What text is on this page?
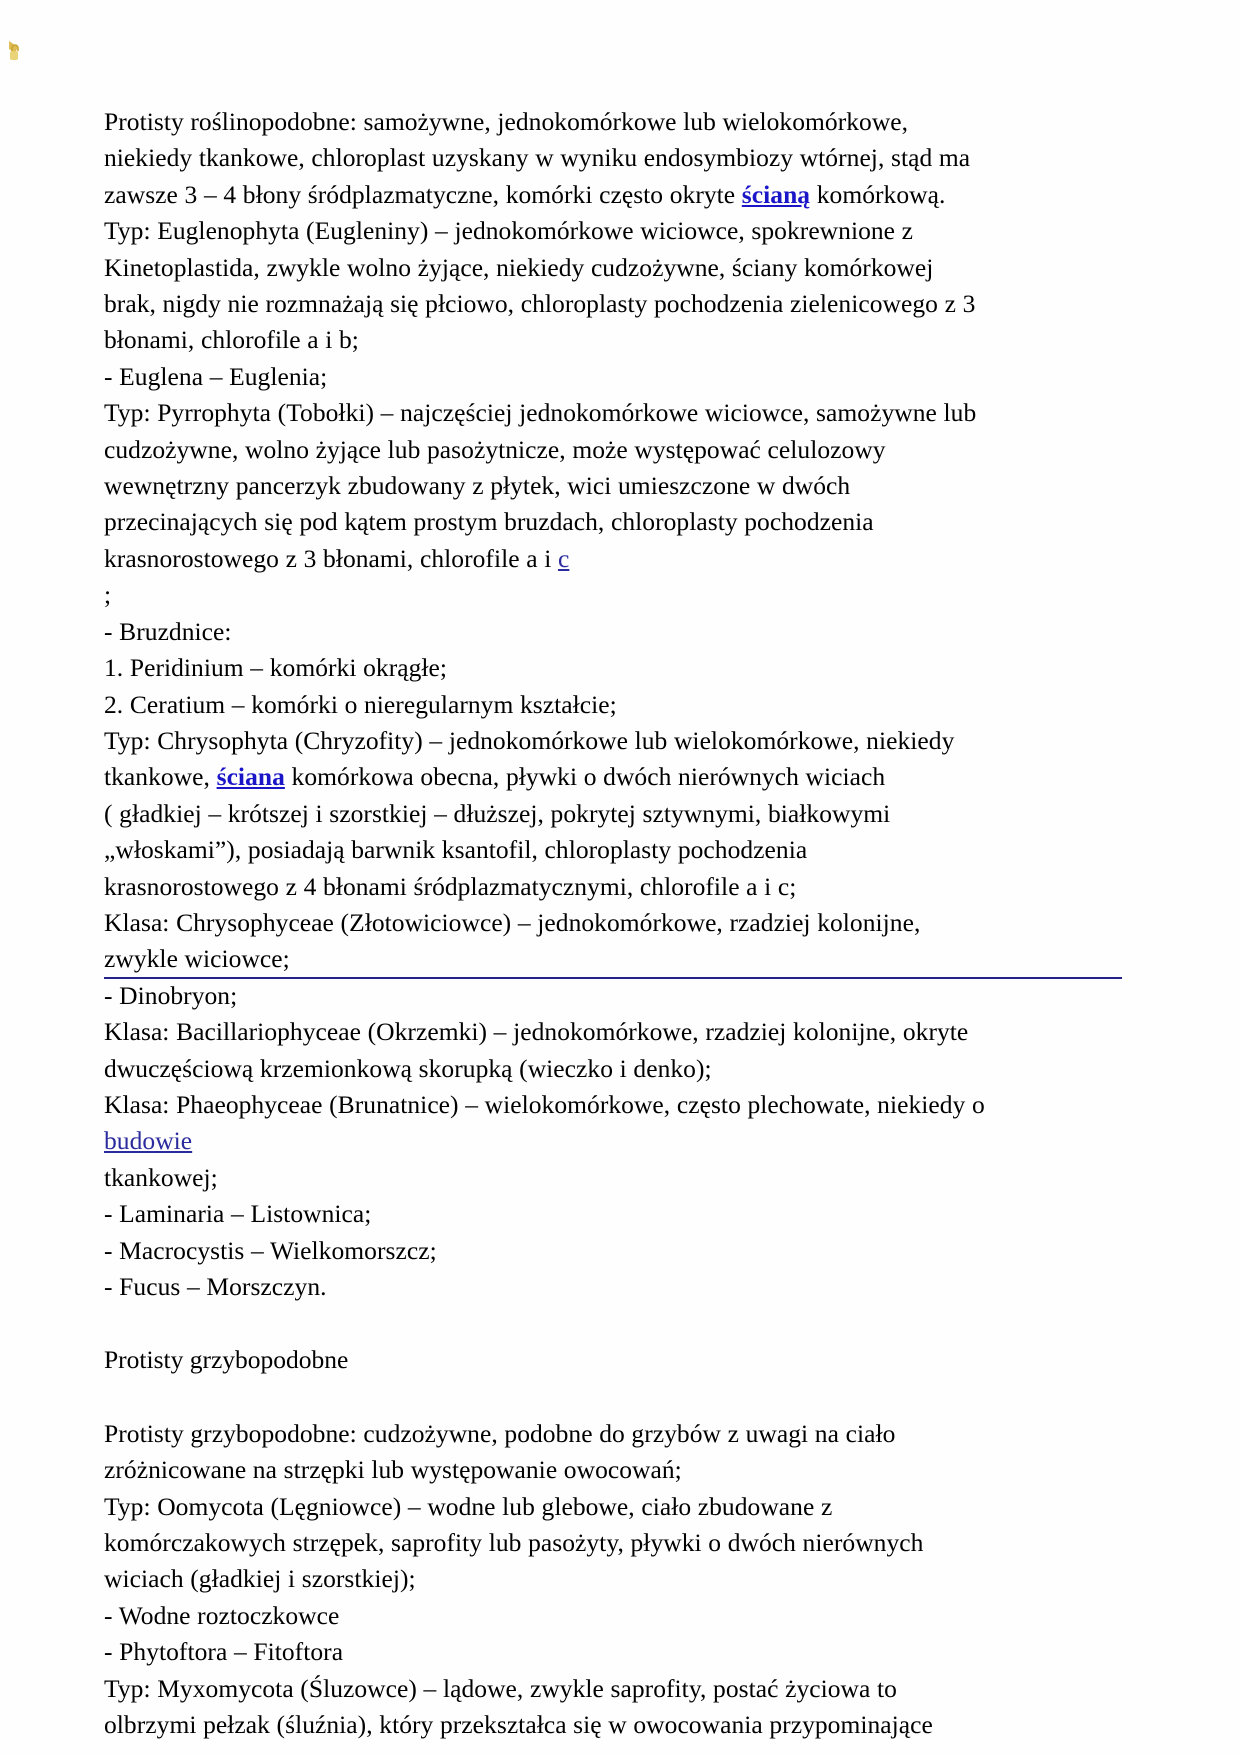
Protisty roślinopodobne: samożywne, jednokomórkowe lub wielokomórkowe,
niekiedy tkankowe, chloroplast uzyskany w wyniku endosymbiozy wtórnej, stąd ma
zawsze 3 – 4 błony śródplazmatyczne, komórki często okryte ścianą komórkową.
Typ: Euglenophyta (Eugleniny) – jednokomórkowe wiciowce, spokrewnione z
Kinetoplastida, zwykle wolno żyjące, niekiedy cudzożywne, ściany komórkowej
brak, nigdy nie rozmnażają się płciowo, chloroplasty pochodzenia zielenicowego z 3
błonami, chlorofile a i b;
- Euglena – Euglenia;
Typ: Pyrrophyta (Tobołki) – najczęściej jednokomórkowe wiciowce, samożywne lub
cudzożywne, wolno żyjące lub pasożytnicze, może występować celulozowy
wewnętrzny pancerzyk zbudowany z płytek, wici umieszczone w dwóch
przecinających się pod kątem prostym bruzdach, chloroplasty pochodzenia
krasnorostowego z 3 błonami, chlorofile a i c
;
- Bruzdnice:
1. Peridinium – komórki okrągłe;
2. Ceratium – komórki o nieregularnym kształcie;
Typ: Chrysophyta (Chryzofity) – jednokomórkowe lub wielokomórkowe, niekiedy
tkankowe, ściana komórkowa obecna, pływki o dwóch nierównych wiciach
( gładkiej – krótszej i szorstkiej – dłuższej, pokrytej sztywnymi, białkowymi
„włoskami”), posiadają barwnik ksantofil, chloroplasty pochodzenia
krasnorostowego z 4 błonami śródplazmatycznymi, chlorofile a i c;
Klasa: Chrysophyceae (Złotowiciowce) – jednokomórkowe, rzadziej kolonijne,
zwykle wiciowce;
- Dinobryon;
Klasa: Bacillariophyceae (Okrzemki) – jednokomórkowe, rzadziej kolonijne, okryte
dwuczęściową krzemionkową skorupką (wieczko i denko);
Klasa: Phaeophyceae (Brunatnice) – wielokomórkowe, często plechowate, niekiedy o
budowie
tkankowej;
- Laminaria – Listownica;
- Macrocystis – Wielkomorszcz;
- Fucus – Morszczyn.
Protisty grzybopodobne
Protisty grzybopodobne: cudzożywne, podobne do grzybów z uwagi na ciało
zróżnicowane na strzępki lub występowanie owocowań;
Typ: Oomycota (Lęgniowce) – wodne lub glebowe, ciało zbudowane z
komórczakowych strzępek, saprofity lub pasożyty, pływki o dwóch nierównych
wiciach (gładkiej i szorstkiej);
- Wodne roztoczkowce
- Phytoftora – Fitoftora
Typ: Myxomycota (Śluzowce) – lądowe, zwykle saprofity, postać życiowa to
olbrzymi pełzak (śluźnia), który przekształca się w owocowania przypominające
